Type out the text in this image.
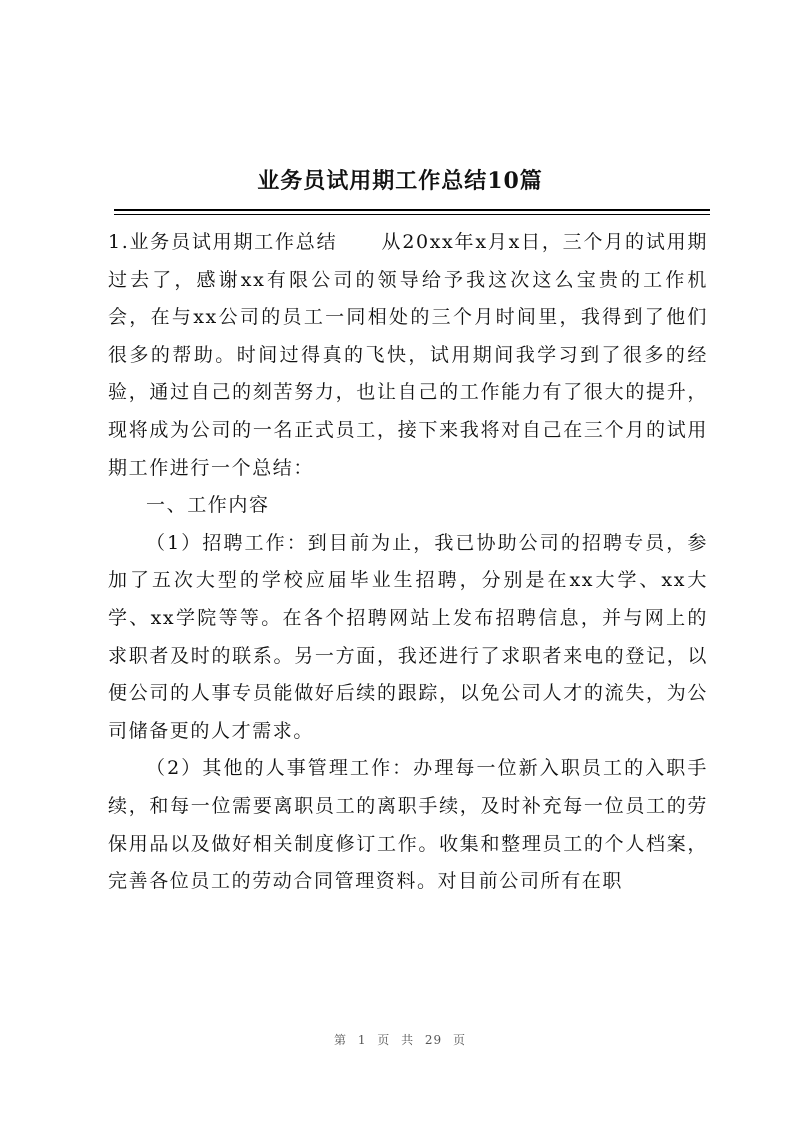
业务员试用期工作总结10篇

1.业务员试用期工作总结 从20xx年x月x日，三个月的试用期过去了，感谢xx有限公司的领导给予我这次这么宝贵的工作机会，在与xx公司的员工一同相处的三个月时间里，我得到了他们很多的帮助。时间过得真的飞快，试用期间我学习到了很多的经验，通过自己的刻苦努力，也让自己的工作能力有了很大的提升，现将成为公司的一名正式员工，接下来我将对自己在三个月的试用期工作进行一个总结：

一、工作内容

（1）招聘工作：到目前为止，我已协助公司的招聘专员，参加了五次大型的学校应届毕业生招聘，分别是在xx大学、xx大学、xx学院等等。在各个招聘网站上发布招聘信息，并与网上的求职者及时的联系。另一方面，我还进行了求职者来电的登记，以便公司的人事专员能做好后续的跟踪，以免公司人才的流失，为公司储备更的人才需求。

（2）其他的人事管理工作：办理每一位新入职员工的入职手续，和每一位需要离职员工的离职手续，及时补充每一位员工的劳保用品以及做好相关制度修订工作。收集和整理员工的个人档案，完善各位员工的劳动合同管理资料。对目前公司所有在职

第 1 页 共 29 页
